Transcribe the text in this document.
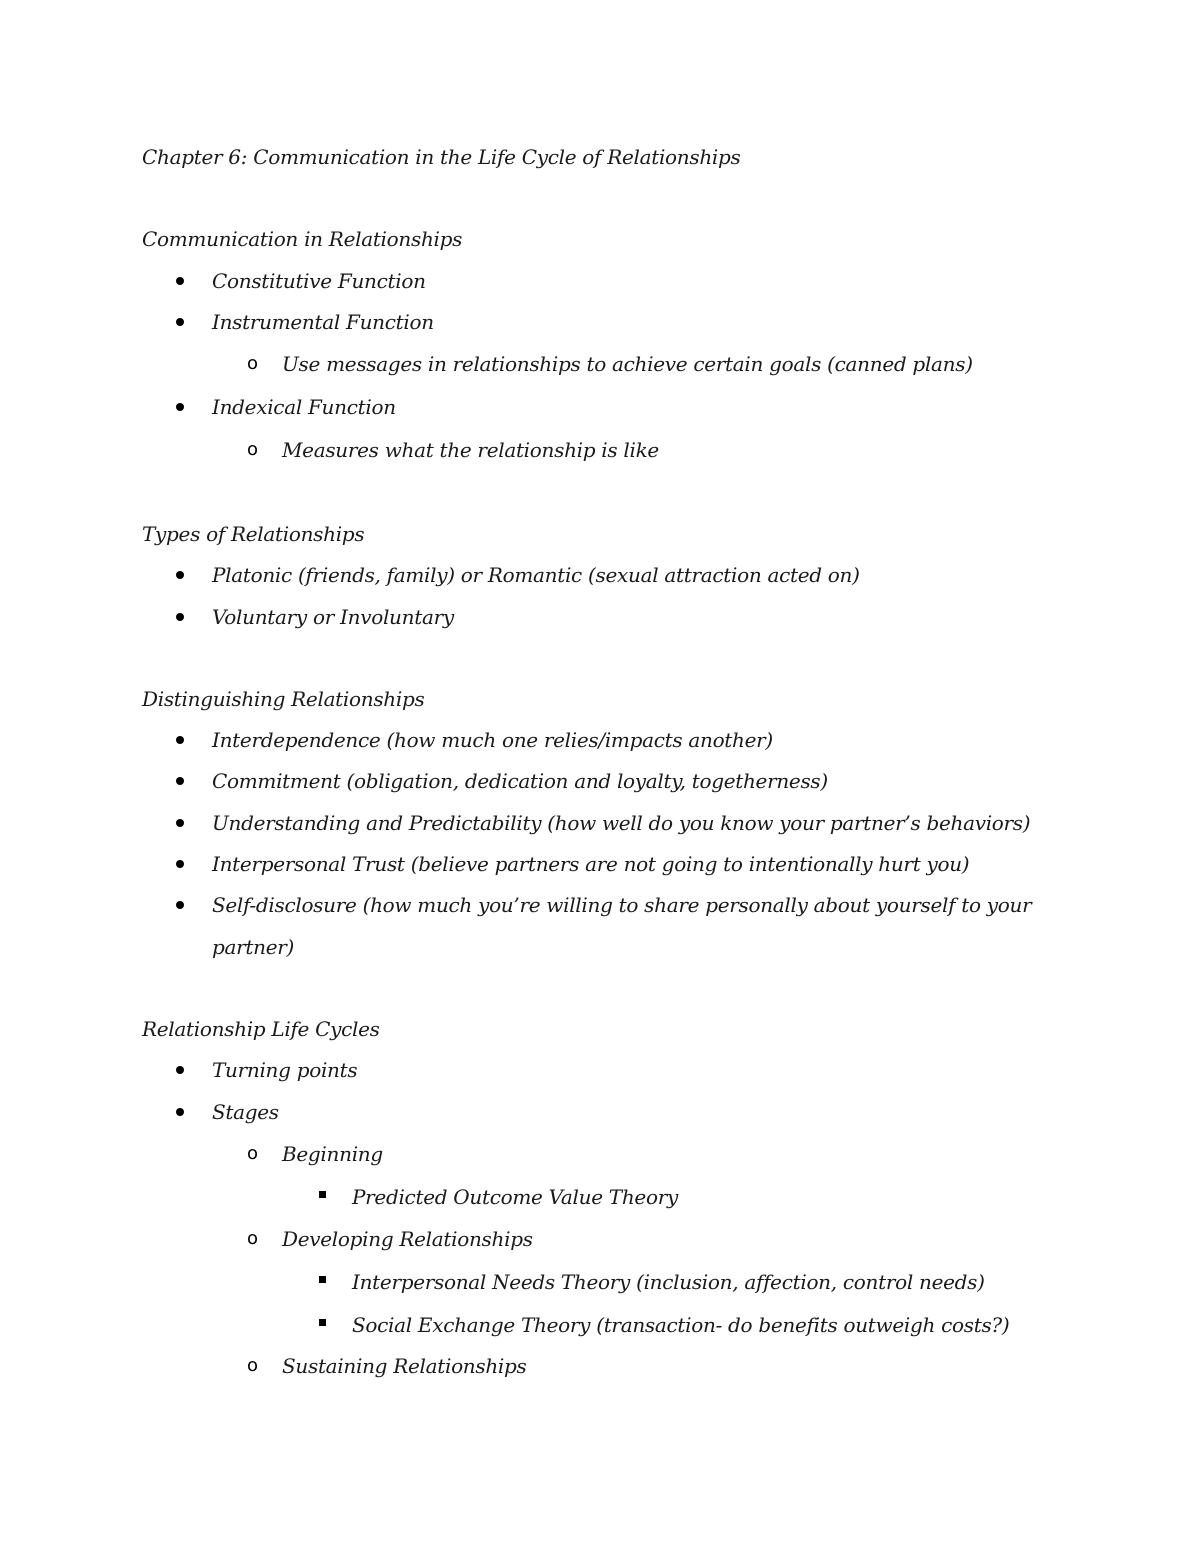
Chapter 6: Communication in the Life Cycle of Relationships
Communication in Relationships
Constitutive Function
Instrumental Function
o Use messages in relationships to achieve certain goals (canned plans)
Indexical Function
o Measures what the relationship is like
Types of Relationships
Platonic (friends, family) or Romantic (sexual attraction acted on)
Voluntary or Involuntary
Distinguishing Relationships
Interdependence (how much one relies/impacts another)
Commitment (obligation, dedication and loyalty, togetherness)
Understanding and Predictability (how well do you know your partner’s behaviors)
Interpersonal Trust (believe partners are not going to intentionally hurt you)
Self-disclosure (how much you’re willing to share personally about yourself to your
partner)
Relationship Life Cycles
Turning points
Stages
o Beginning
Predicted Outcome Value Theory
o Developing Relationships
Interpersonal Needs Theory (inclusion, affection, control needs)
Social Exchange Theory (transaction- do benefits outweigh costs?)
o Sustaining Relationships
